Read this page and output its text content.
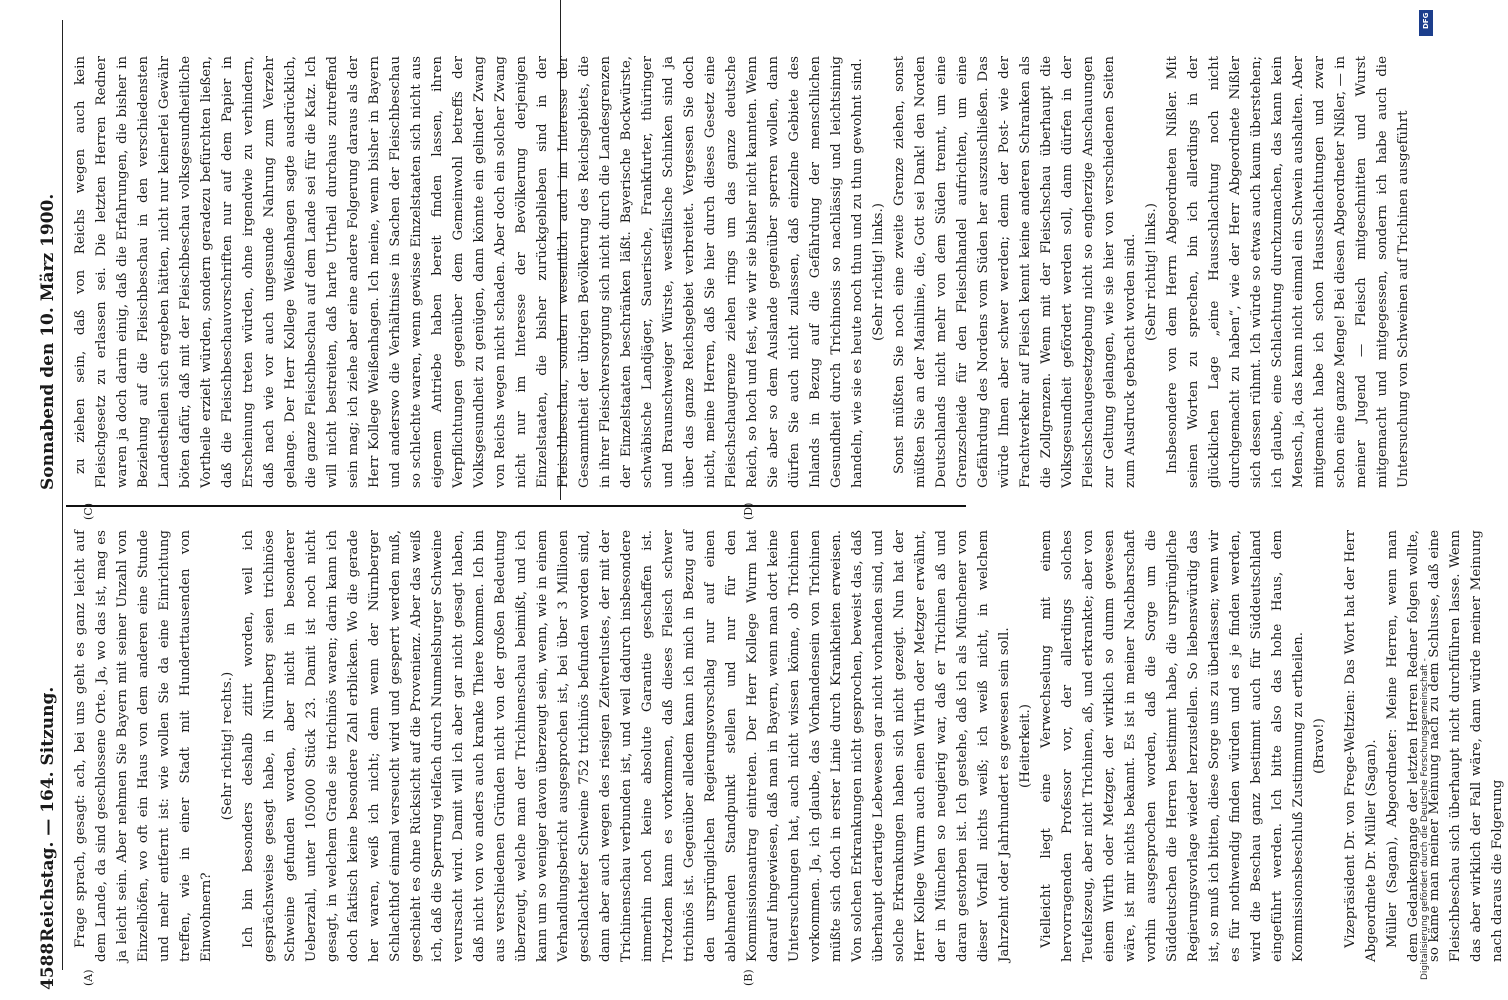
4588
Reichstag. — 164. Sitzung.
Sonnabend den 10. März 1900.
(A)	(B)
(C)	(D)

Frage sprach, gesagt: ach, bei uns geht es ganz leicht auf dem Lande, da sind geschlossene Orte. Ja, wo das ist, mag es ja leicht sein. Aber nehmen Sie Bayern mit seiner Unzahl von Einzelhöfen, wo oft ein Haus von dem anderen eine Stunde und mehr entfernt ist: wie wollen Sie da eine Einrichtung treffen, wie in einer Stadt mit Hunderttausenden von Einwohnern?

(Sehr richtig! rechts.) Ich bin besonders deshalb zitirt worden, weil ich gesprächsweise gesagt habe, in Nürnberg seien trichinöse Schweine gefunden worden, aber nicht in besonderer Ueberzahl, unter 105000 Stück 23. Damit ist noch nicht gesagt, in welchem Grade sie trichinös waren; darin kann ich doch faktisch keine besondere Zahl erblicken. Wo die gerade her waren, weiß ich nicht; denn wenn der Nürnberger Schlachthof einmal verseucht wird und gesperrt werden muß, geschieht es ohne Rücksicht auf die Provenienz. Aber das weiß ich, daß die Sperrung vielfach durch Nunmelsburger Schweine verursacht wird. Damit will ich aber gar nicht gesagt haben, daß nicht von wo anders auch kranke Thiere kommen. Ich bin aus verschiedenen Gründen nicht von der großen Bedeutung überzeugt, welche man der Trichinenschau beimißt, und ich kann um so weniger davon überzeugt sein, wenn, wie in einem Verhandlungsbericht ausgesprochen ist, bei über 3 Millionen geschlachteter Schweine 752 trichinös befunden worden sind, dann aber auch wegen des riesigen Zeitverlustes, der mit der Trichinenschau verbunden ist, und weil dadurch insbesondere immerhin noch keine absolute Garantie geschaffen ist. Trotzdem kann es vorkommen, daß dieses Fleisch schwer trichinös ist. Gegenüber alledem kann ich mich in Bezug auf den ursprünglichen Regierungsvorschlag nur auf einen ablehnenden Standpunkt stellen und nur für den Kommissionsantrag eintreten. Der Herr Kollege Wurm hat darauf hingewiesen, daß man in Bayern, wenn man dort keine Untersuchungen hat, auch nicht wissen könne, ob Trichinen vorkommen. Ja, ich glaube, das Vorhandensein von Trichinen müßte sich doch in erster Linie durch Krankheiten erweisen. Von solchen Erkrankungen nicht gesprochen, beweist das, daß überhaupt derartige Lebewesen gar nicht vorhanden sind, und solche Erkrankungen haben sich nicht gezeigt. Nun hat der Herr Kollege Wurm auch einen Wirth oder Metzger erwähnt, der in München so neugierig war, daß er Trichinen aß und daran gestorben ist. Ich gestehe, daß ich als Münchener von dieser Vorfall nichts weiß; ich weiß nicht, in welchem Jahrzehnt oder Jahrhundert es gewesen sein soll. (Heiterkeit.) Vielleicht liegt eine Verwechselung mit einem hervorragenden Professor vor, der allerdings solches Teufelszeug, aber nicht Trichinen, aß, und erkrankte; aber von einem Wirth oder Metzger, der wirklich so dumm gewesen wäre, ist mir nichts bekannt. Es ist in meiner Nachbarschaft vorhin ausgesprochen worden, daß die Sorge um die Süddeutschen die Herren bestimmt habe, die ursprüngliche Regierungsvorlage wieder herzustellen. So liebenswürdig das ist, so muß ich bitten, diese Sorge uns zu überlassen; wenn wir es für nothwendig finden würden und es je finden werden, wird die Beschau ganz bestimmt auch für Süddeutschland eingeführt werden. Ich bitte also das hohe Haus, dem Kommissionsbeschluß Zustimmung zu ertheilen. (Bravo!) Vizepräsident Dr. von Frege-Weltzien: Das Wort hat der Herr Abgeordnete Dr. Müller (Sagan). Müller (Sagan), Abgeordneter: Meine Herren, wenn man dem Gedankengange der letzten Herren Redner folgen wollte, so käme man meiner Meinung nach zu dem Schlusse, daß eine Fleischbeschau sich überhaupt nicht durchführen lasse. Wenn das aber wirklich der Fall wäre, dann würde meiner Meinung nach daraus die Folgerung

zu ziehen sein, daß von Reichs wegen auch kein Fleischgesetz zu erlassen sei. Die letzten Herren Redner waren ja doch darin einig, daß die Erfahrungen, die bisher in Beziehung auf die Fleischbeschau in den verschiedensten Landestheilen sich ergeben hätten, nicht nur keinerlei Gewähr böten dafür, daß mit der Fleischbeschau volksgesundheitliche Vortheile erzielt würden, sondern geradezu befürchten ließen, daß die Fleischbeschauvorschriften nur auf dem Papier in Erscheinung treten würden, ohne irgendwie zu verhindern, daß nach wie vor auch ungesunde Nahrung zum Verzehr gelange. Der Herr Kollege Weißenhagen sagte ausdrücklich, die ganze Fleischbeschau auf dem Lande sei für die Katz. Ich will nicht bestreiten, daß harte Urtheil durchaus zutreffend sein mag; ich ziehe aber eine andere Folgerung daraus als der Herr Kollege Weißenhagen. Ich meine, wenn bisher in Bayern und anderswo die Verhältnisse in Sachen der Fleischbeschau so schlechte waren, wenn gewisse Einzelstaaten sich nicht aus eigenem Antriebe haben bereit finden lassen, ihren Verpflichtungen gegenüber dem Gemeinwohl betreffs der Volksgesundheit zu genügen, dann könnte ein gelinder Zwang von Reichs wegen nicht schaden. Aber doch ein solcher Zwang nicht nur im Interesse der Bevölkerung derjenigen Einzelstaaten, die bisher zurückgeblieben sind in der Fleischbeschau, sondern wesentlich auch im Interesse der Gesammtheit der übrigen Bevölkerung des Reichsgebiets, die in ihrer Fleischversorgung sich nicht durch die Landesgrenzen der Einzelstaaten beschränken läßt. Bayerische Bockwürste, schwäbische Landjäger, Sauerische, Frankfurter, thüringer und Braunschweiger Würste, westfälische Schinken sind ja über das ganze Reichsgebiet verbreitet. Vergessen Sie doch nicht, meine Herren, daß Sie hier durch dieses Gesetz eine Fleischschaugrenze ziehen rings um das ganze deutsche Reich, so hoch und fest, wie wir sie bisher nicht kannten. Wenn Sie aber so dem Auslande gegenüber sperren wollen, dann dürfen Sie auch nicht zulassen, daß einzelne Gebiete des Inlands in Bezug auf die Gefährdung der menschlichen Gesundheit durch Trichinosis so nachlässig und leichtsinnig handeln, wie sie es heute noch thun und zu thun gewohnt sind. (Sehr richtig! links.) Sonst müßten Sie noch eine zweite Grenze ziehen, sonst müßten Sie an der Mainlinie, die, Gott sei Dank! den Norden Deutschlands nicht mehr von dem Süden trennt, um eine Grenzscheide für den Fleischhandel aufrichten, um eine Gefährdung des Nordens vom Süden her auszuschließen. Das würde Ihnen aber schwer werden; denn der Post- wie der Frachtverkehr auf Fleisch kennt keine anderen Schranken als die Zollgrenzen. Wenn mit der Fleischschau überhaupt die Volksgesundheit gefördert werden soll, dann dürfen in der Fleischschaugesetzgebung nicht so engherzige Anschauungen zur Geltung gelangen, wie sie hier von verschiedenen Seiten zum Ausdruck gebracht worden sind. (Sehr richtig! links.) Insbesondere von dem Herrn Abgeordneten Nißler. Mit seinen Worten zu sprechen, bin ich allerdings in der glücklichen Lage „eine Hausschlachtung noch nicht durchgemacht zu haben“, wie der Herr Abgeordnete Nißler sich dessen rühmt. Ich würde so etwas auch kaum überstehen; ich glaube, eine Schlachtung durchzumachen, das kann kein Mensch, ja, das kann nicht einmal ein Schwein aushalten. Aber mitgemacht habe ich schon Hausschlachtungen und zwar schon eine ganze Menge! Bei diesen Abgeordneter Nißler, — in meiner Jugend — Fleisch mitgeschnitten und Wurst mitgemacht und mitgegessen, sondern ich habe auch die Untersuchung von Schweinen auf Trichinen ausgeführt

DFG
Digitalisierung gefördert durch die Deutsche Forschungsgemeinschaft -
